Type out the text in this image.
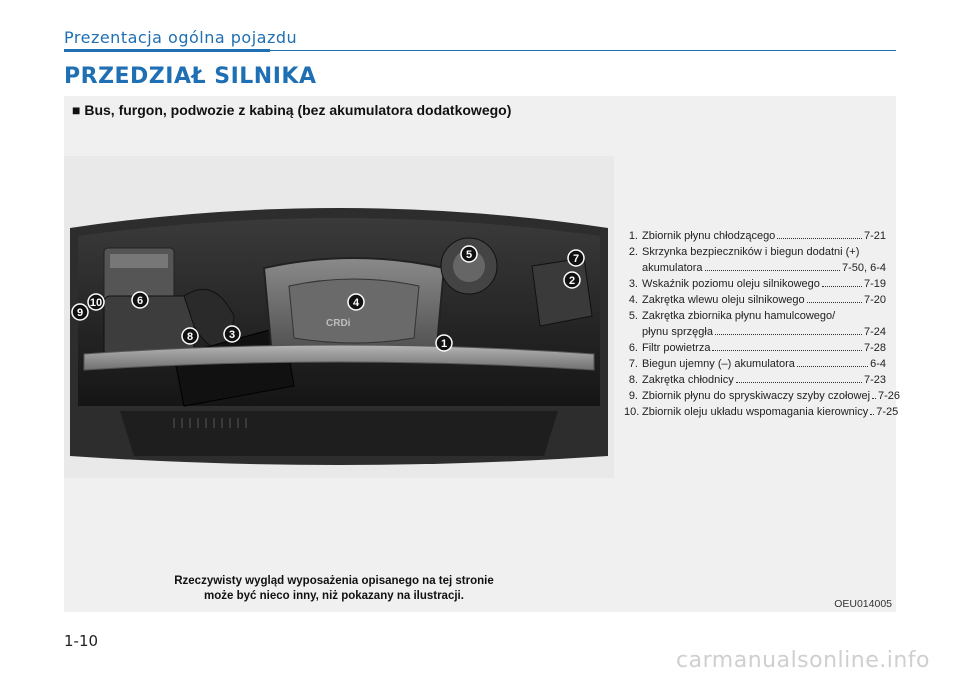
Prezentacja ogólna pojazdu
PRZEDZIAŁ SILNIKA
■ Bus, furgon, podwozie z kabiną (bez akumulatora dodatkowego)
CRDi
1
2
3
4
5
6
7
8
9
10
1. Zbiornik płynu chłodzącego	7-21
2. Skrzynka bezpieczników i biegun dodatni (+)
akumulatora	7-50, 6-4
3. Wskaźnik poziomu oleju silnikowego	7-19
4. Zakrętka wlewu oleju silnikowego	7-20
5. Zakrętka zbiornika płynu hamulcowego/
płynu sprzęgła	7-24
6. Filtr powietrza	7-28
7. Biegun ujemny (–) akumulatora	6-4
8. Zakrętka chłodnicy	7-23
9. Zbiornik płynu do spryskiwaczy szyby czołowej 7-26
10. Zbiornik oleju układu wspomagania kierownicy 7-25
Rzeczywisty wygląd wyposażenia opisanego na tej stronie
może być nieco inny, niż pokazany na ilustracji.
OEU014005
1-10
carmanualsonline.info
